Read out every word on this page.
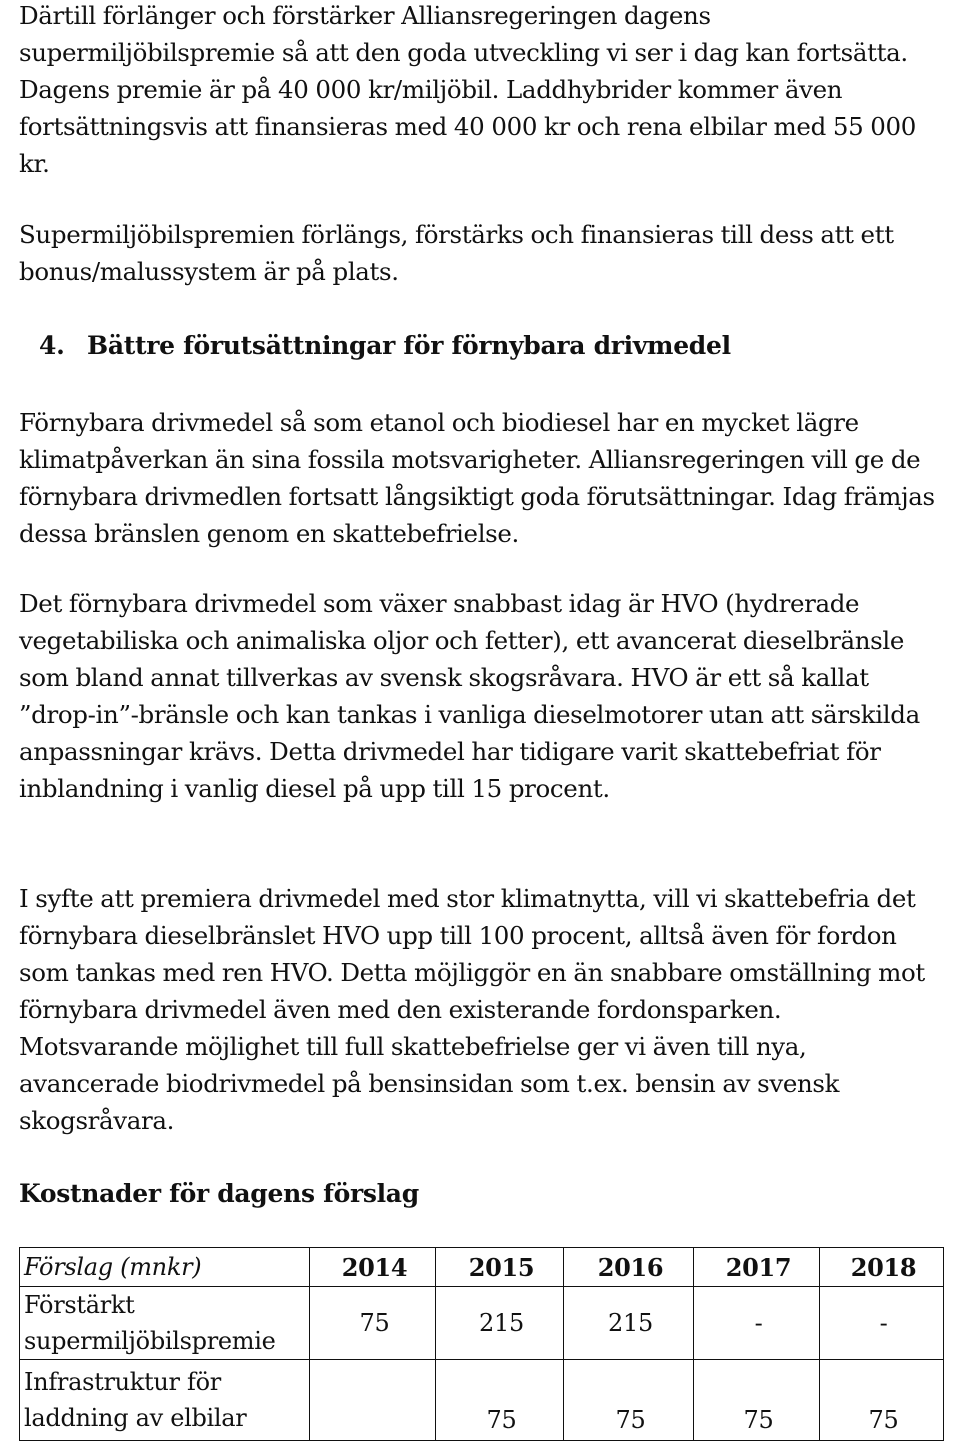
Därtill förlänger och förstärker Alliansregeringen dagens supermiljöbilspremie så att den goda utveckling vi ser i dag kan fortsätta. Dagens premie är på 40 000 kr/miljöbil. Laddhybrider kommer även fortsättningsvis att finansieras med 40 000 kr och rena elbilar med 55 000 kr.

Supermiljöbilspremien förlängs, förstärks och finansieras till dess att ett bonus/malussystem är på plats.

4. Bättre förutsättningar för förnybara drivmedel

Förnybara drivmedel så som etanol och biodiesel har en mycket lägre klimatpåverkan än sina fossila motsvarigheter. Alliansregeringen vill ge de förnybara drivmedlen fortsatt långsiktigt goda förutsättningar. Idag främjas dessa bränslen genom en skattebefrielse.

Det förnybara drivmedel som växer snabbast idag är HVO (hydrerade vegetabiliska och animaliska oljor och fetter), ett avancerat dieselbränsle som bland annat tillverkas av svensk skogsråvara. HVO är ett så kallat ”drop-in”-bränsle och kan tankas i vanliga dieselmotorer utan att särskilda anpassningar krävs. Detta drivmedel har tidigare varit skattebefriat för inblandning i vanlig diesel på upp till 15 procent.

I syfte att premiera drivmedel med stor klimatnytta, vill vi skattebefria det förnybara dieselbränslet HVO upp till 100 procent, alltså även för fordon som tankas med ren HVO. Detta möjliggör en än snabbare omställning mot förnybara drivmedel även med den existerande fordonsparken. Motsvarande möjlighet till full skattebefrielse ger vi även till nya, avancerade biodrivmedel på bensinsidan som t.ex. bensin av svensk skogsråvara.

Kostnader för dagens förslag
Förslag (mnkr)	2014	2015	2016	2017	2018
Förstärkt
supermiljöbilspremie	75	215	215	-	-
Infrastruktur för
laddning av elbilar		75	75	75	75
